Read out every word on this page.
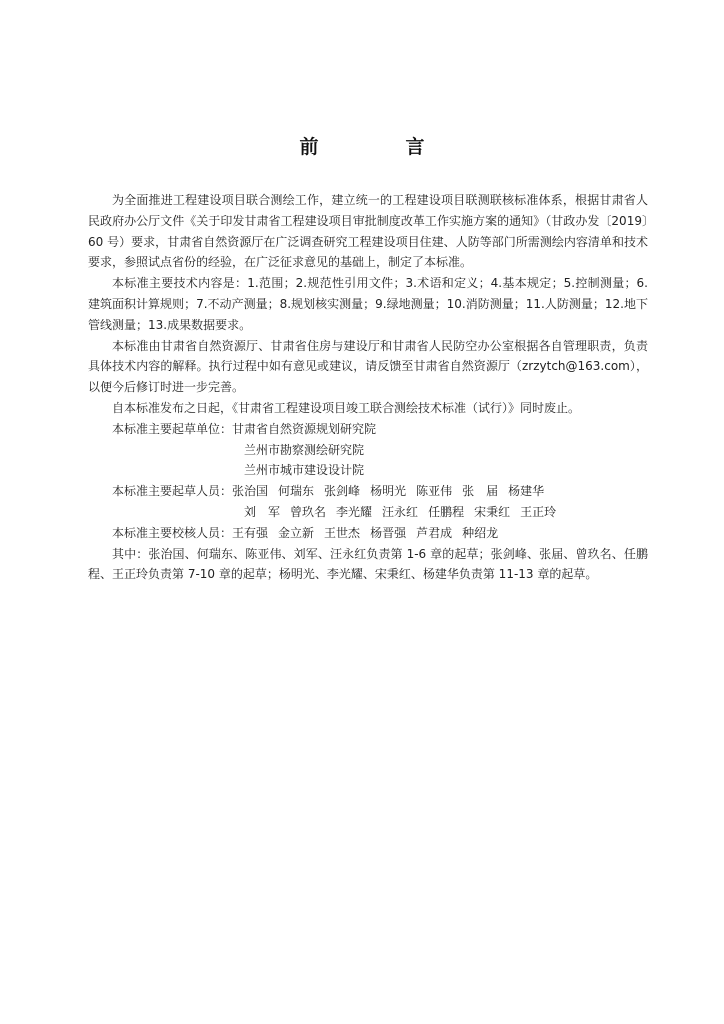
前　言

为全面推进工程建设项目联合测绘工作，建立统一的工程建设项目联测联核标准体系，根据甘肃省人民政府办公厅文件《关于印发甘肃省工程建设项目审批制度改革工作实施方案的通知》（甘政办发〔2019〕60 号）要求，甘肃省自然资源厅在广泛调查研究工程建设项目住建、人防等部门所需测绘内容清单和技术要求，参照试点省份的经验，在广泛征求意见的基础上，制定了本标准。

本标准主要技术内容是：1.范围；2.规范性引用文件；3.术语和定义；4.基本规定；5.控制测量；6.建筑面积计算规则；7.不动产测量；8.规划核实测量；9.绿地测量；10.消防测量；11.人防测量；12.地下管线测量；13.成果数据要求。

本标准由甘肃省自然资源厅、甘肃省住房与建设厅和甘肃省人民防空办公室根据各自管理职责，负责具体技术内容的解释。执行过程中如有意见或建议，请反馈至甘肃省自然资源厅（zrzytch@163.com），以便今后修订时进一步完善。

自本标准发布之日起，《甘肃省工程建设项目竣工联合测绘技术标准（试行）》同时废止。

本标准主要起草单位： 甘肃省自然资源规划研究院
兰州市勘察测绘研究院
兰州市城市建设设计院
本标准主要起草人员： 张治国 何瑞东 张剑峰 杨明光 陈亚伟 张　届 杨建华
刘　军 曾玖名 李光耀 汪永红 任鹏程 宋秉红 王正玲
本标准主要校核人员： 王有强 金立新 王世杰 杨晋强 芦君成 种绍龙

其中：张治国、何瑞东、陈亚伟、刘军、汪永红负责第 1-6 章的起草；张剑峰、张届、曾玖名、任鹏程、王正玲负责第 7-10 章的起草；杨明光、李光耀、宋秉红、杨建华负责第 11-13 章的起草。
